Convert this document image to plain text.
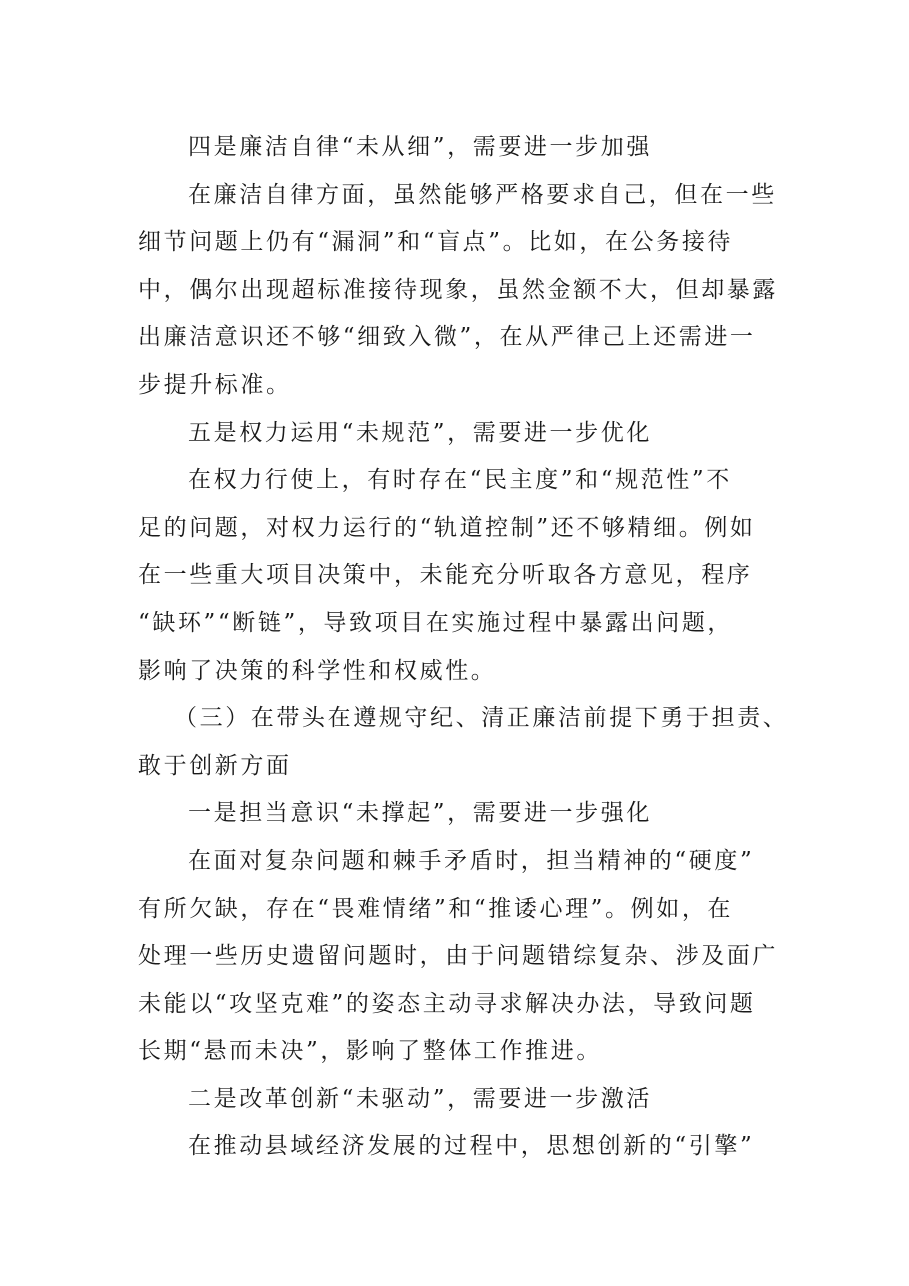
四是廉洁自律“未从细”，需要进一步加强
在廉洁自律方面，虽然能够严格要求自己，但在一些
细节问题上仍有“漏洞”和“盲点”。比如，在公务接待
中，偶尔出现超标准接待现象，虽然金额不大，但却暴露
出廉洁意识还不够“细致入微”，在从严律己上还需进一
步提升标准。
五是权力运用“未规范”，需要进一步优化
在权力行使上，有时存在“民主度”和“规范性”不
足的问题，对权力运行的“轨道控制”还不够精细。例如
在一些重大项目决策中，未能充分听取各方意见，程序
“缺环”“断链”，导致项目在实施过程中暴露出问题，
影响了决策的科学性和权威性。
（三）在带头在遵规守纪、清正廉洁前提下勇于担责、
敢于创新方面
一是担当意识“未撑起”，需要进一步强化
在面对复杂问题和棘手矛盾时，担当精神的“硬度”
有所欠缺，存在“畏难情绪”和“推诿心理”。例如，在
处理一些历史遗留问题时，由于问题错综复杂、涉及面广
未能以“攻坚克难”的姿态主动寻求解决办法，导致问题
长期“悬而未决”，影响了整体工作推进。
二是改革创新“未驱动”，需要进一步激活
在推动县域经济发展的过程中，思想创新的“引擎”
